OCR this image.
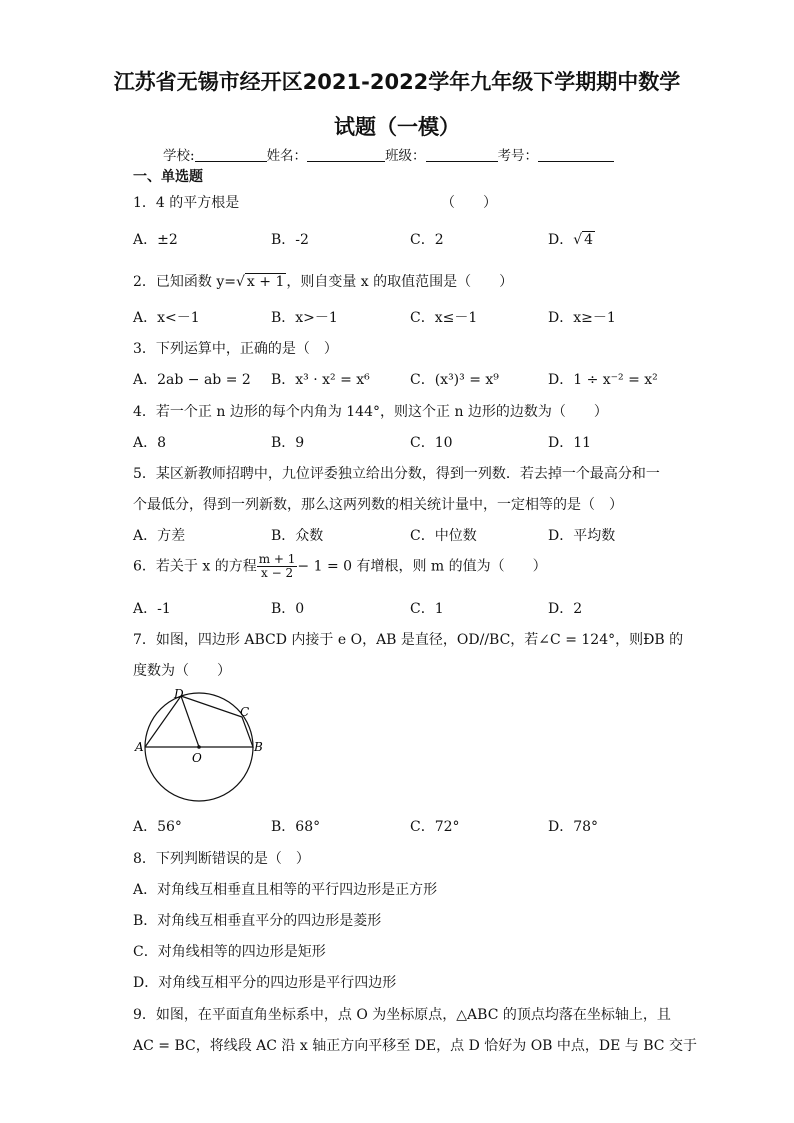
江苏省无锡市经开区2021-2022学年九年级下学期期中数学
试题（一模）
学校:	姓名：	班级：	考号：
一、单选题
1．4 的平方根是	（　　）
A．±2	B．-2	C．2	D．√ 4
2．已知函数 y=√ x + 1 ，则自变量 x 的取值范围是（　　）
A．x<－1	B．x>－1	C．x≤－1	D．x≥－1
3．下列运算中，正确的是（　）
A．2ab − ab = 2 B．x³ · x² = x⁶	C．(x³)³ = x⁹	D．1 ÷ x⁻² = x²
4．若一个正 n 边形的每个内角为 144°，则这个正 n 边形的边数为（　　）
A．8	B．9	C．10	D．11
5．某区新教师招聘中，九位评委独立给出分数，得到一列数．若去掉一个最高分和一
个最低分，得到一列新数，那么这两列数的相关统计量中，一定相等的是（　）
A．方差	B．众数	C．中位数	D．平均数
6．若关于 x 的方程 $\frac{m + 1}{x - 2} - 1 = 0$ 有增根，则 m 的值为（　　）
A．-1	B．0	C．1	D．2
7．如图，四边形 ABCD 内接于 e O，AB 是直径，OD//BC，若∠C = 124°，则ÐB 的
度数为（　　）
A	B
C
D
O
A．56°	B．68°	C．72°	D．78°
8．下列判断错误的是（　）
A．对角线互相垂直且相等的平行四边形是正方形
B．对角线互相垂直平分的四边形是菱形
C．对角线相等的四边形是矩形
D．对角线互相平分的四边形是平行四边形
9．如图，在平面直角坐标系中，点 O 为坐标原点，△ABC 的顶点均落在坐标轴上，且
AC = BC，将线段 AC 沿 x 轴正方向平移至 DE，点 D 恰好为 OB 中点，DE 与 BC 交于
